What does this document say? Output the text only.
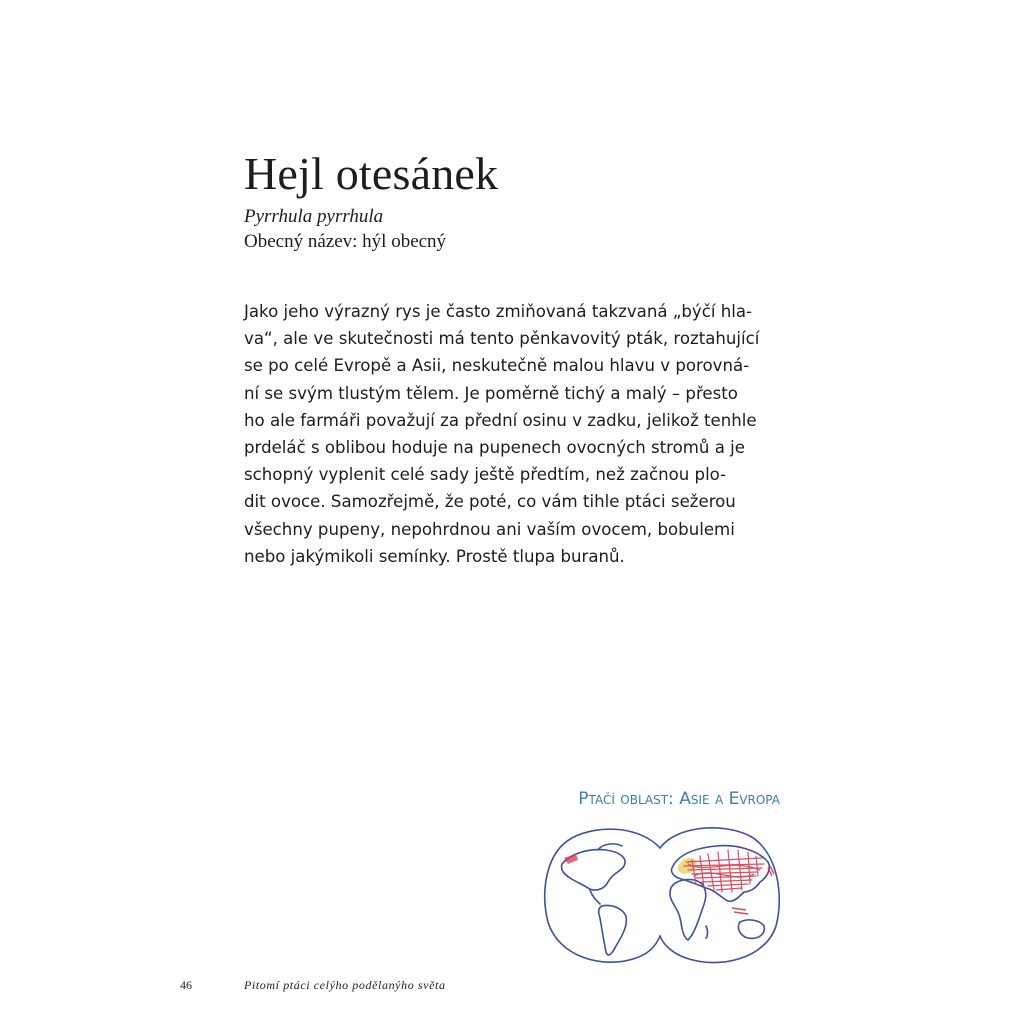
Hejl otesánek
Pyrrhula pyrrhula
Obecný název: hýl obecný
Jako jeho výrazný rys je často zmiňovaná takzvaná „býčí hla-
va“, ale ve skutečnosti má tento pěnkavovitý pták, roztahující
se po celé Evropě a Asii, neskutečně malou hlavu v porovná-
ní se svým tlustým tělem. Je poměrně tichý a malý – přesto
ho ale farmáři považují za přední osinu v zadku, jelikož tenhle
prdeláč s oblibou hoduje na pupenech ovocných stromů a je
schopný vyplenit celé sady ještě předtím, než začnou plo-
dit ovoce. Samozřejmě, že poté, co vám tihle ptáci sežerou
všechny pupeny, nepohrdnou ani vaším ovocem, bobulemi
nebo jakýmikoli semínky. Prostě tlupa buranů.
Ptačí oblast: Asie a Evropa
46	Pitomí ptáci celýho podělanýho světa
